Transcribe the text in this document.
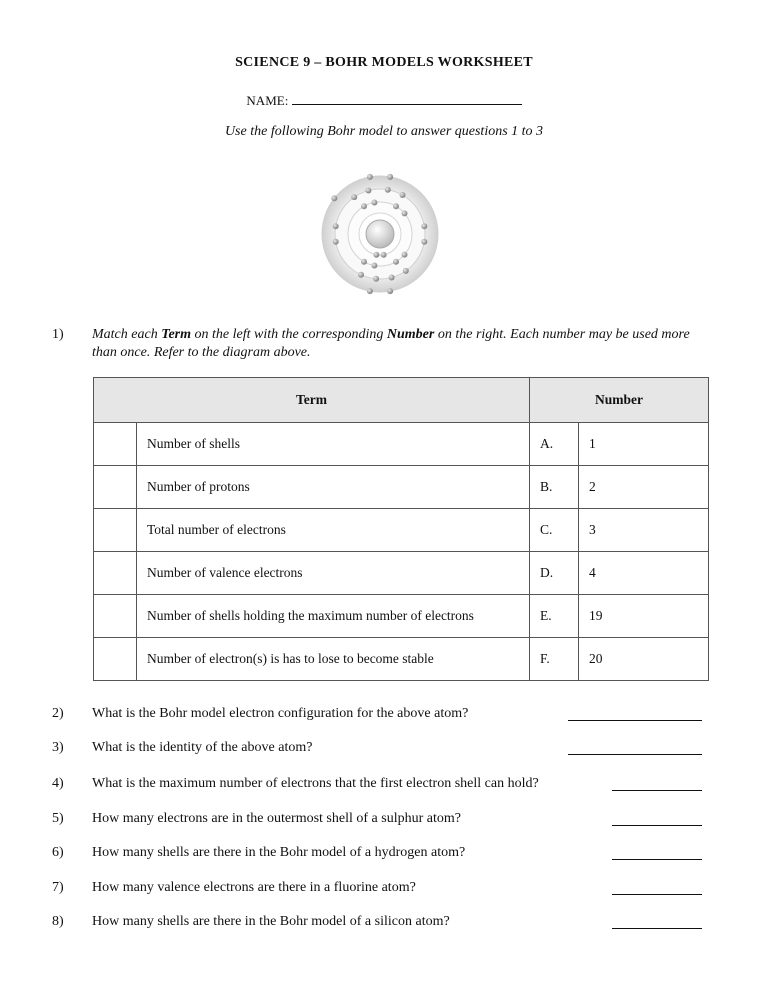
SCIENCE 9 – BOHR MODELS WORKSHEET
NAME:
Use the following Bohr model to answer questions 1 to 3
1) Match each Term on the left with the corresponding Number on the right. Each number may be used more than once. Refer to the diagram above.
Term		Number	
	Number of shells	A.	1
	Number of protons	B.	2
	Total number of electrons	C.	3
	Number of valence electrons	D.	4
	Number of shells holding the maximum number of electrons	E.	19
	Number of electron(s) is has to lose to become stable	F.	20
2) What is the Bohr model electron configuration for the above atom?
3) What is the identity of the above atom?
4) What is the maximum number of electrons that the first electron shell can hold?
5) How many electrons are in the outermost shell of a sulphur atom?
6) How many shells are there in the Bohr model of a hydrogen atom?
7) How many valence electrons are there in a fluorine atom?
8) How many shells are there in the Bohr model of a silicon atom?
